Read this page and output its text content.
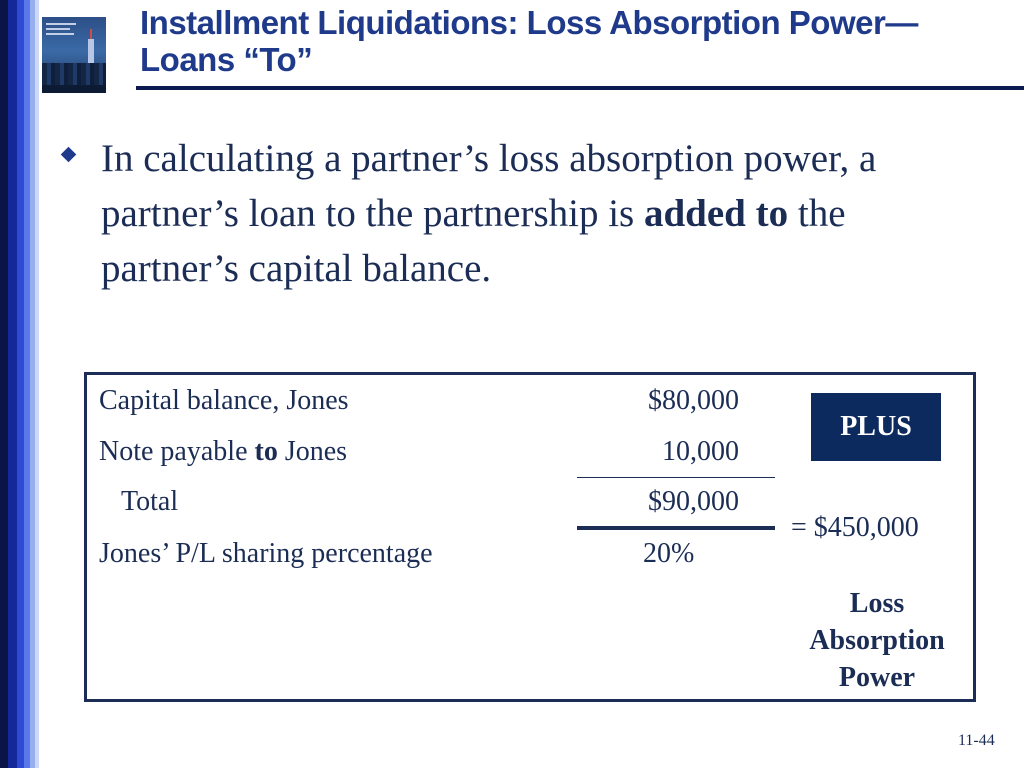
Installment Liquidations: Loss Absorption Power—
Loans “To”
In calculating a partner’s loss absorption power, a partner’s loan to the partnership is added to the partner’s capital balance.
Capital balance, Jones	$80,000
Note payable to Jones	10,000
Total	$90,000
Jones’ P/L sharing percentage	20%
PLUS
= $450,000
Loss
Absorption
Power
11-44
